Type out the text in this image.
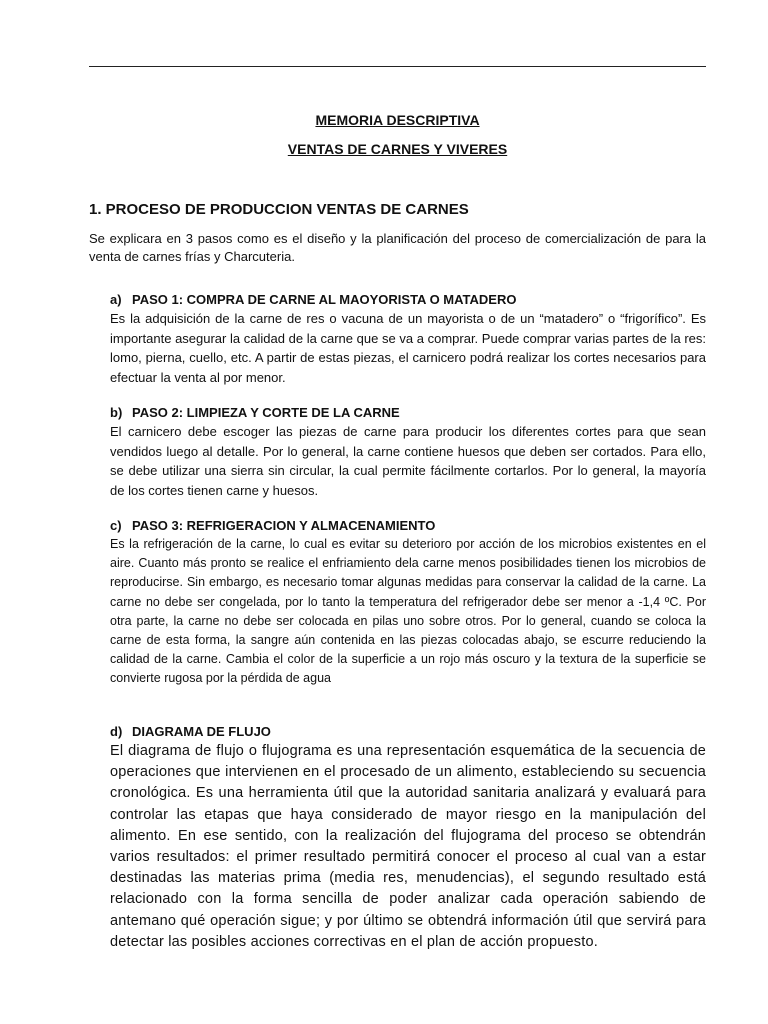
MEMORIA DESCRIPTIVA
VENTAS DE CARNES Y VIVERES
1. PROCESO DE PRODUCCION VENTAS DE CARNES
Se explicara en 3 pasos como es el diseño y la planificación del proceso de comercialización de para la venta de carnes frías y Charcuteria.
a) PASO 1: COMPRA DE CARNE AL MAOYORISTA O MATADERO
Es la adquisición de la carne de res o vacuna de un mayorista o de un “matadero” o “frigorífico”. Es importante asegurar la calidad de la carne que se va a comprar. Puede comprar varias partes de la res: lomo, pierna, cuello, etc. A partir de estas piezas, el carnicero podrá realizar los cortes necesarios para efectuar la venta al por menor.
b) PASO 2: LIMPIEZA Y CORTE DE LA CARNE
El carnicero debe escoger las piezas de carne para producir los diferentes cortes para que sean vendidos luego al detalle. Por lo general, la carne contiene huesos que deben ser cortados. Para ello, se debe utilizar una sierra sin circular, la cual permite fácilmente cortarlos. Por lo general, la mayoría de los cortes tienen carne y huesos.
c) PASO 3: REFRIGERACION Y ALMACENAMIENTO
Es la refrigeración de la carne, lo cual es evitar su deterioro por acción de los microbios existentes en el aire. Cuanto más pronto se realice el enfriamiento dela carne menos posibilidades tienen los microbios de reproducirse. Sin embargo, es necesario tomar algunas medidas para conservar la calidad de la carne. La carne no debe ser congelada, por lo tanto la temperatura del refrigerador debe ser menor a -1,4 ºC. Por otra parte, la carne no debe ser colocada en pilas uno sobre otros. Por lo general, cuando se coloca la carne de esta forma, la sangre aún contenida en las piezas colocadas abajo, se escurre reduciendo la calidad de la carne. Cambia el color de la superficie a un rojo más oscuro y la textura de la superficie se convierte rugosa por la pérdida de agua
d) DIAGRAMA DE FLUJO
El diagrama de flujo o flujograma es una representación esquemática de la secuencia de operaciones que intervienen en el procesado de un alimento, estableciendo su secuencia cronológica. Es una herramienta útil que la autoridad sanitaria analizará y evaluará para controlar las etapas que haya considerado de mayor riesgo en la manipulación del alimento. En ese sentido, con la realización del flujograma del proceso se obtendrán varios resultados: el primer resultado permitirá conocer el proceso al cual van a estar destinadas las materias prima (media res, menudencias), el segundo resultado está relacionado con la forma sencilla de poder analizar cada operación sabiendo de antemano qué operación sigue; y por último se obtendrá información útil que servirá para detectar las posibles acciones correctivas en el plan de acción propuesto.
